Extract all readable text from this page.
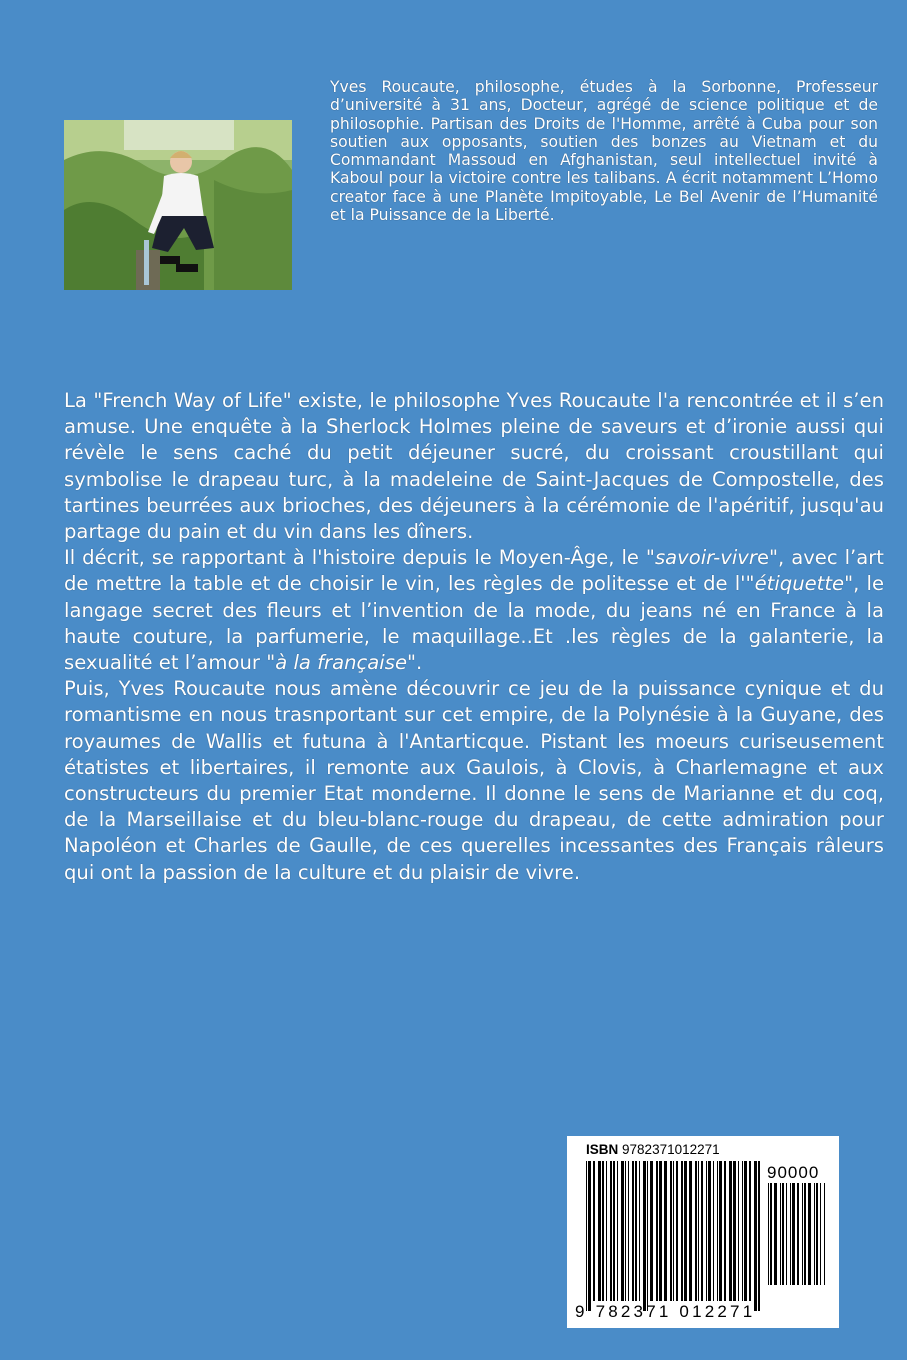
Yves Roucaute, philosophe, études à la Sorbonne, Professeur d’université à 31 ans, Docteur, agrégé de science politique et de philosophie. Partisan des Droits de l'Homme, arrêté à Cuba pour son soutien aux opposants, soutien des bonzes au Vietnam et du Commandant Massoud en Afghanistan, seul intellectuel invité à Kaboul pour la victoire contre les talibans. A écrit notamment L’Homo creator face à une Planète Impitoyable, Le Bel Avenir de l’Humanité et la Puissance de la Liberté.

La "French Way of Life" existe, le philosophe Yves Roucaute l'a rencontrée et il s’en amuse. Une enquête à la Sherlock Holmes pleine de saveurs et d’ironie aussi qui révèle le sens caché du petit déjeuner sucré, du croissant croustillant qui symbolise le drapeau turc, à la madeleine de Saint-Jacques de Compostelle, des tartines beurrées aux brioches, des déjeuners à la cérémonie de l'apéritif, jusqu'au partage du pain et du vin dans les dîners.

Il décrit, se rapportant à l'histoire depuis le Moyen-Âge, le "savoir-vivre", avec l’art de mettre la table et de choisir le vin, les règles de politesse et de l'"étiquette", le langage secret des fleurs et l’invention de la mode, du jeans né en France à la haute couture, la parfumerie, le maquillage..Et .les règles de la galanterie, la sexualité et l’amour "à la française".

Puis, Yves Roucaute nous amène découvrir ce jeu de la puissance cynique et du romantisme en nous trasnportant sur cet empire, de la Polynésie à la Guyane, des royaumes de Wallis et futuna à l'Antarticque. Pistant les moeurs curiseusement étatistes et libertaires, il remonte aux Gaulois, à Clovis, à Charlemagne et aux constructeurs du premier Etat monderne. Il donne le sens de Marianne et du coq, de la Marseillaise et du bleu-blanc-rouge du drapeau, de cette admiration pour Napoléon et Charles de Gaulle, de ces querelles incessantes des Français râleurs qui ont la passion de la culture et du plaisir de vivre.

ISBN 9782371012271
90000
9 782371 012271
